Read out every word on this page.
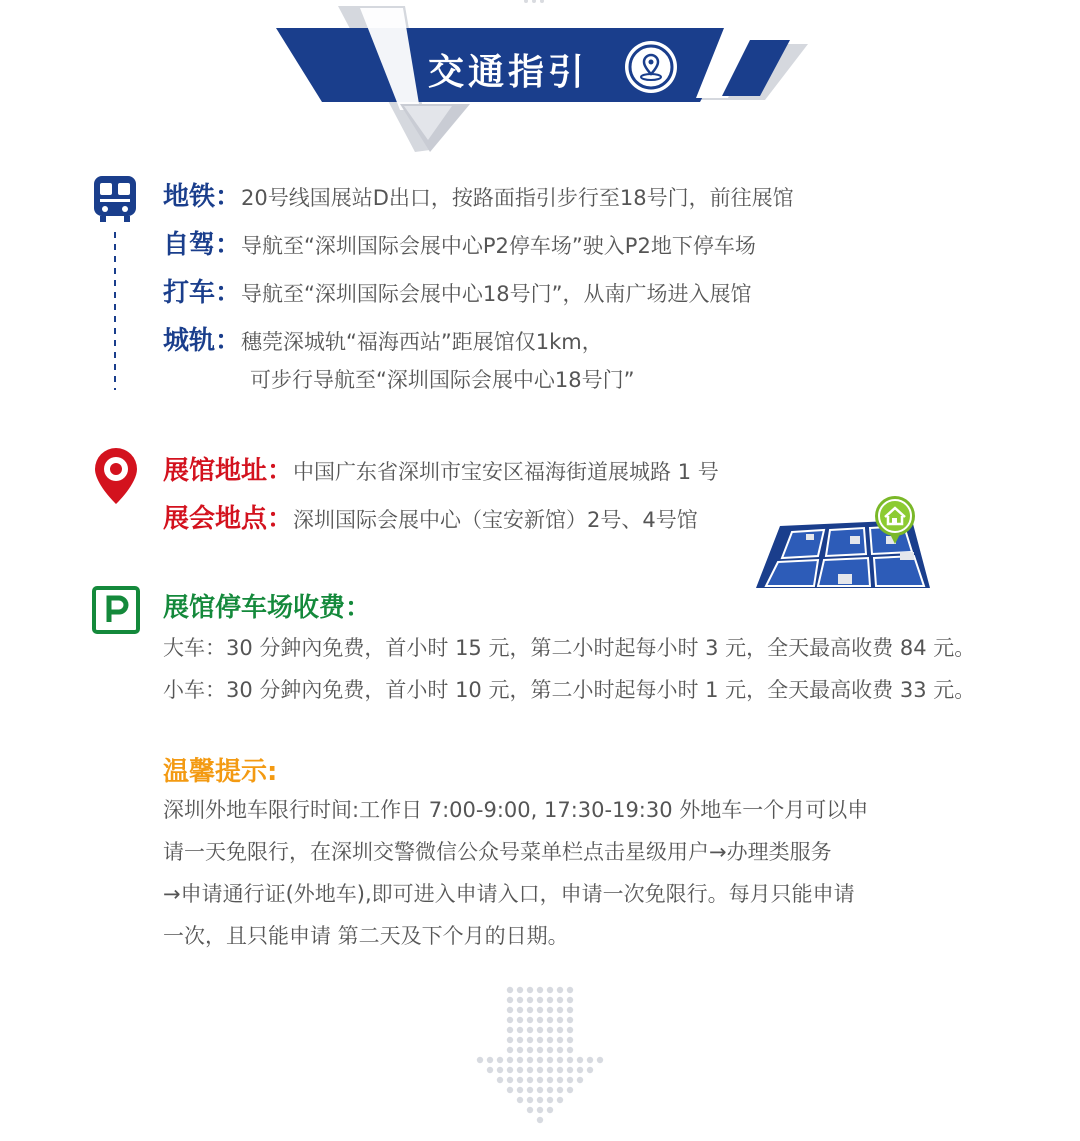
交通指引
地铁：20号线国展站D出口，按路面指引步行至18号门，前往展馆
自驾：导航至“深圳国际会展中心P2停车场”驶入P2地下停车场
打车：导航至“深圳国际会展中心18号门”，从南广场进入展馆
城轨：穗莞深城轨“福海西站”距展馆仅1km，
可步行导航至“深圳国际会展中心18号门”
展馆地址：中国广东省深圳市宝安区福海街道展城路 1 号
展会地点：深圳国际会展中心（宝安新馆）2号、4号馆
展馆停车场收费：
大车：30 分鈡內免费，首小时 15 元，第二小时起每小时 3 元，全天最高收费 84 元。
小车：30 分鈡內免费，首小时 10 元，第二小时起每小时 1 元，全天最高收费 33 元。
温馨提示:
深圳外地车限行时间:工作日 7:00-9:00, 17:30-19:30 外地车一个月可以申
请一天免限行，在深圳交警微信公众号菜单栏点击星级用户→办理类服务
→申请通行证(外地车),即可进入申请入口，申请一次免限行。每月只能申请
一次，且只能申请 第二天及下个月的日期。
